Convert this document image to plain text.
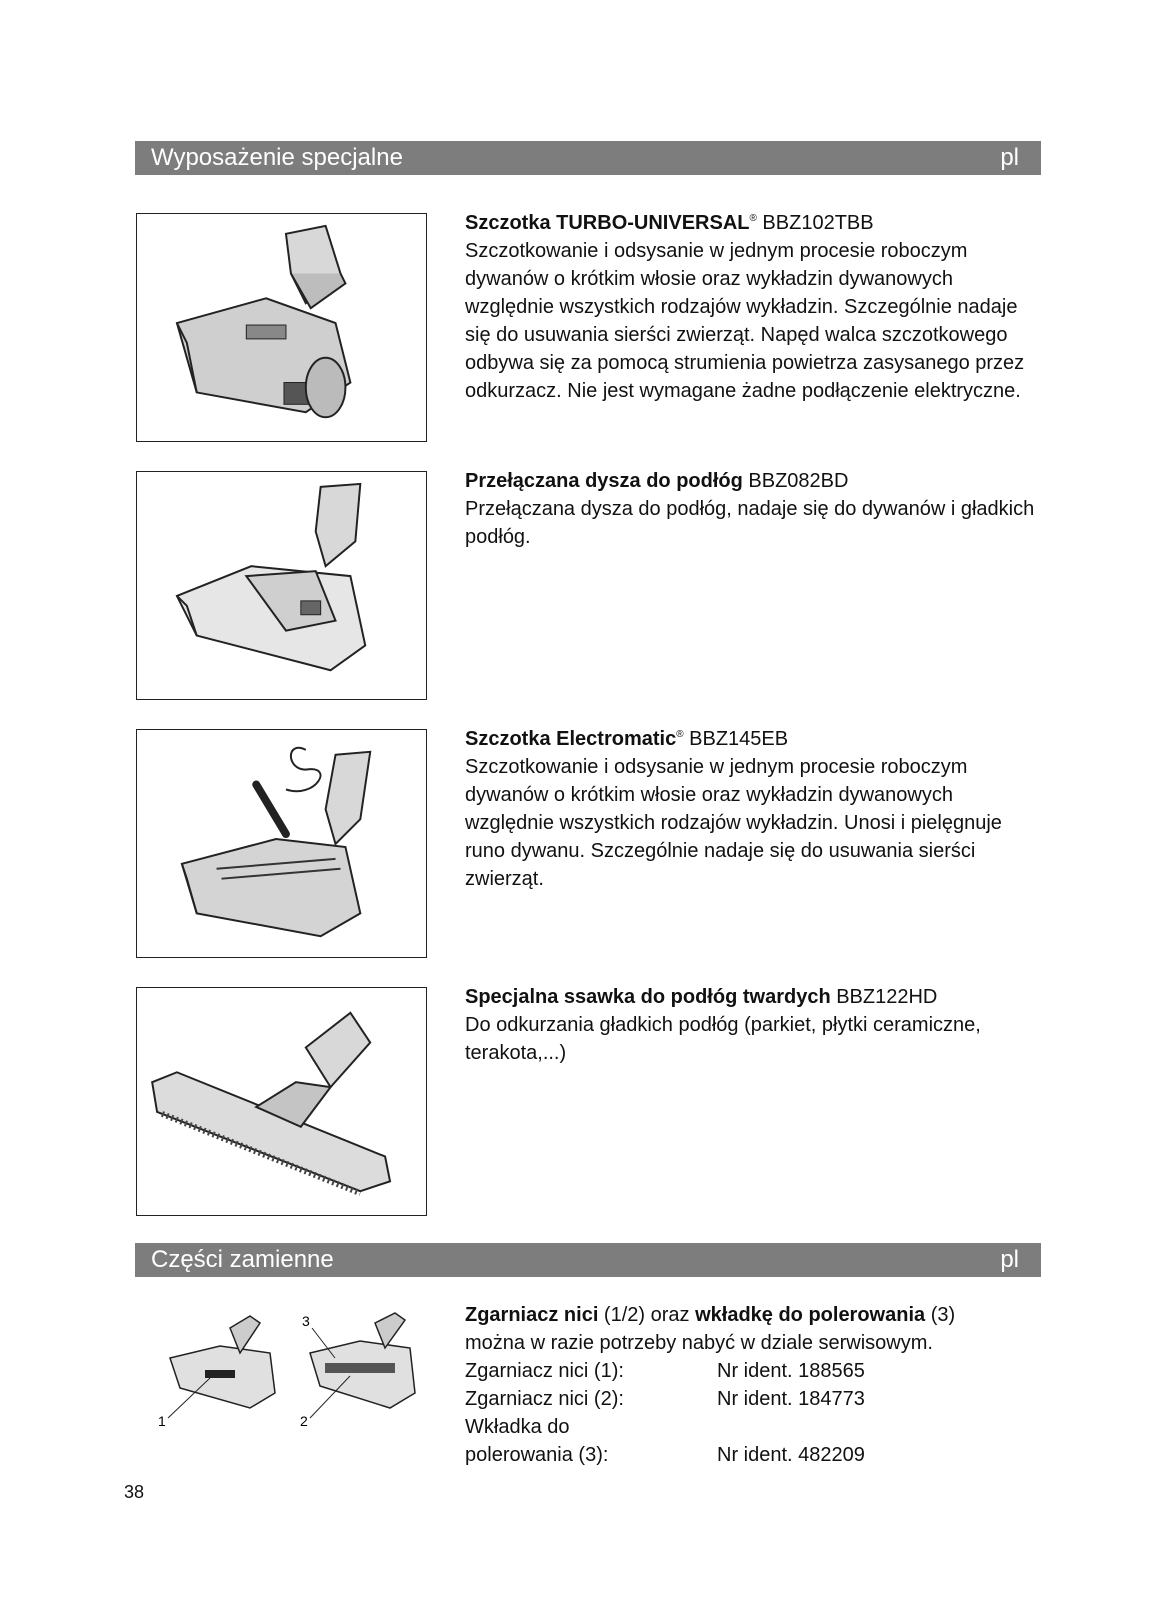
Wyposażenie specjalne	pl
Szczotka TURBO-UNIVERSAL® BBZ102TBB
Szczotkowanie i odsysanie w jednym procesie roboczym dywanów o krótkim włosie oraz wykładzin dywanowych względnie wszystkich rodzajów wykładzin. Szczególnie nadaje się do usuwania sierści zwierząt. Napęd walca szczotkowego odbywa się za pomocą strumienia powietrza zasysanego przez odkurzacz. Nie jest wymagane żadne podłączenie elektryczne.
Przełączana dysza do podłóg BBZ082BD
Przełączana dysza do podłóg, nadaje się do dywanów i gładkich podłóg.
Szczotka Electromatic® BBZ145EB
Szczotkowanie i odsysanie w jednym procesie roboczym dywanów o krótkim włosie oraz wykładzin dywanowych względnie wszystkich rodzajów wykładzin. Unosi i pielęgnuje runo dywanu. Szczególnie nadaje się do usuwania sierści zwierząt.
Specjalna ssawka do podłóg twardych BBZ122HD
Do odkurzania gładkich podłóg (parkiet, płytki ceramiczne, terakota,...)
Części zamienne	pl
1	2
3	Zgarniacz nici (1/2) oraz wkładkę do polerowania (3)
można w razie potrzeby nabyć w dziale serwisowym.
Zgarniacz nici (1):	Nr ident. 188565
Zgarniacz nici (2):	Nr ident. 184773
Wkładka do
polerowania (3):	Nr ident. 482209
38
